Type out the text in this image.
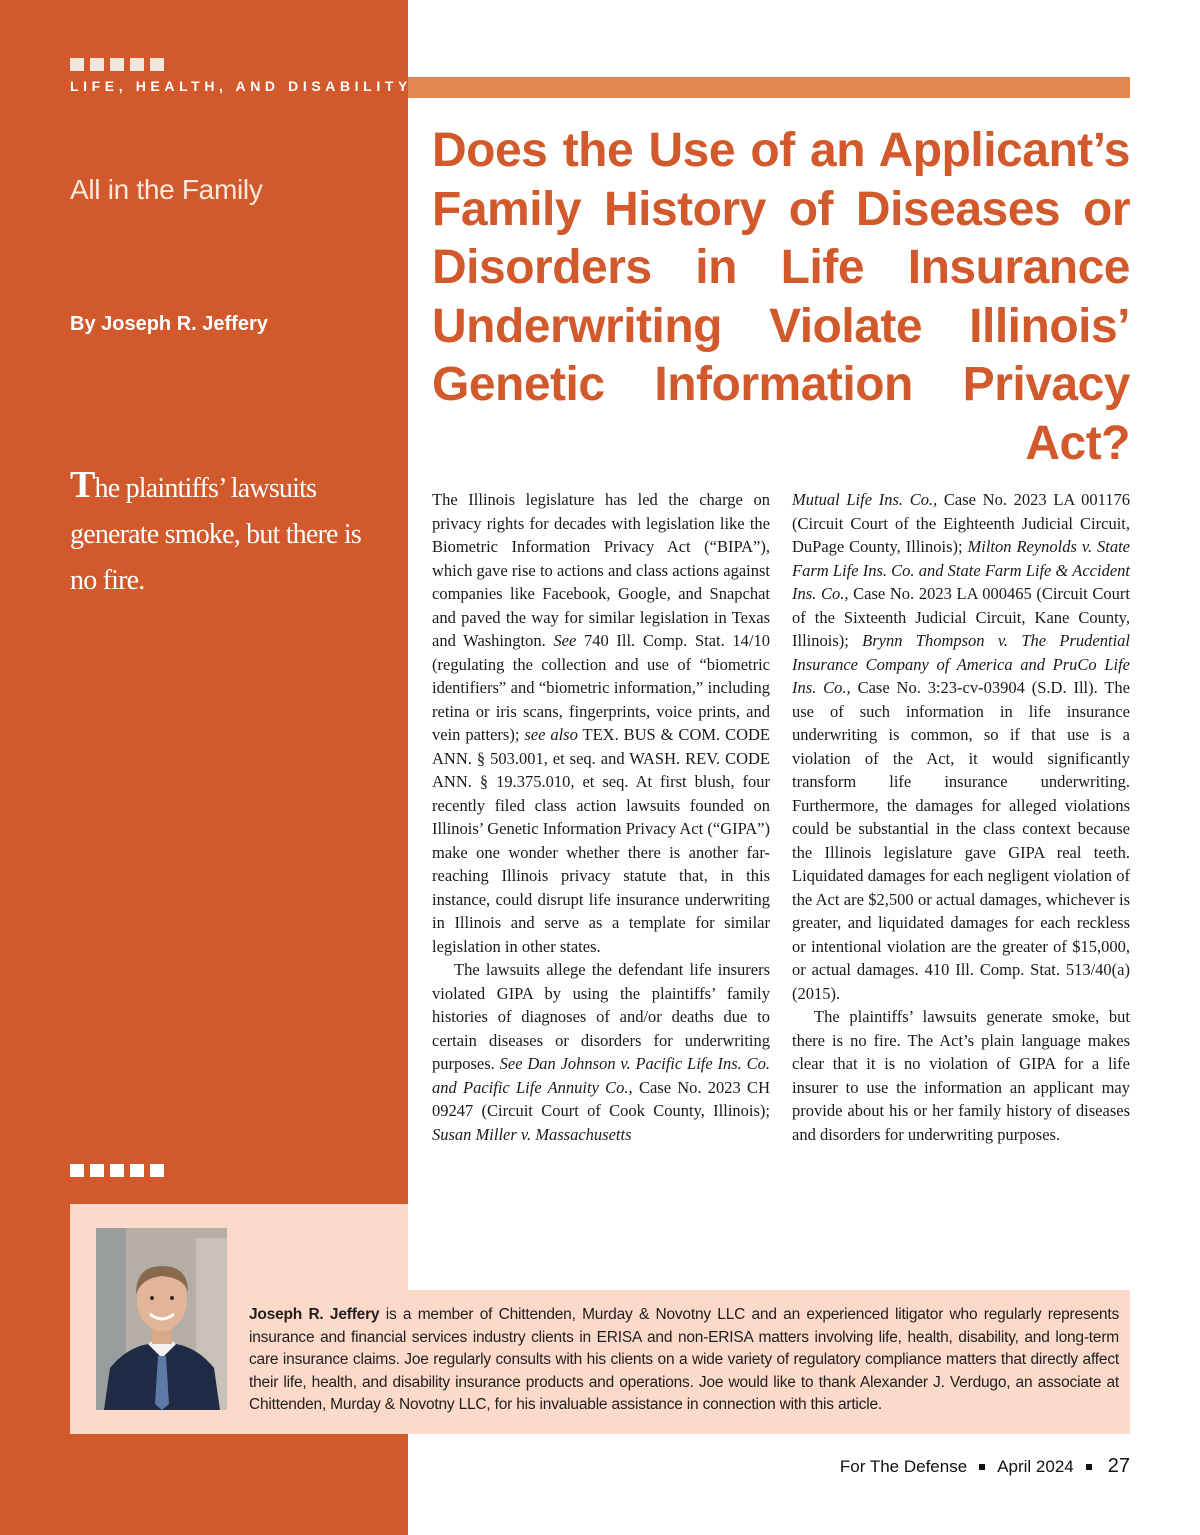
LIFE, HEALTH, AND DISABILITY
All in the Family

By Joseph R. Jeffery

The plaintiffs’ lawsuits generate smoke, but there is no fire.

Does the Use of an Applicant’s Family History of Diseases or Disorders in Life Insurance Underwriting Violate Illinois’ Genetic Information Privacy Act?

The Illinois legislature has led the charge on privacy rights for decades with legislation like the Biometric Information Privacy Act (“BIPA”), which gave rise to actions and class actions against companies like Facebook, Google, and Snapchat and paved the way for similar legislation in Texas and Washington. See 740 Ill. Comp. Stat. 14/10 (regulating the collection and use of “biometric identifiers” and “biometric information,” including retina or iris scans, fingerprints, voice prints, and vein patters); see also TEX. BUS & COM. CODE ANN. § 503.001, et seq. and WASH. REV. CODE ANN. § 19.375.010, et seq. At first blush, four recently filed class action lawsuits founded on Illinois’ Genetic Information Privacy Act (“GIPA”) make one wonder whether there is another far-reaching Illinois privacy statute that, in this instance, could disrupt life insurance underwriting in Illinois and serve as a template for similar legislation in other states.

The lawsuits allege the defendant life insurers violated GIPA by using the plaintiffs’ family histories of diagnoses of and/or deaths due to certain diseases or disorders for underwriting purposes. See Dan Johnson v. Pacific Life Ins. Co. and Pacific Life Annuity Co., Case No. 2023 CH 09247 (Circuit Court of Cook County, Illinois); Susan Miller v. Massachusetts

Mutual Life Ins. Co., Case No. 2023 LA 001176 (Circuit Court of the Eighteenth Judicial Circuit, DuPage County, Illinois); Milton Reynolds v. State Farm Life Ins. Co. and State Farm Life & Accident Ins. Co., Case No. 2023 LA 000465 (Circuit Court of the Sixteenth Judicial Circuit, Kane County, Illinois); Brynn Thompson v. The Prudential Insurance Company of America and PruCo Life Ins. Co., Case No. 3:23-cv-03904 (S.D. Ill). The use of such information in life insurance underwriting is common, so if that use is a violation of the Act, it would significantly transform life insurance underwriting. Furthermore, the damages for alleged violations could be substantial in the class context because the Illinois legislature gave GIPA real teeth. Liquidated damages for each negligent violation of the Act are $2,500 or actual damages, whichever is greater, and liquidated damages for each reckless or intentional violation are the greater of $15,000, or actual damages. 410 Ill. Comp. Stat. 513/40(a) (2015).

The plaintiffs’ lawsuits generate smoke, but there is no fire. The Act’s plain language makes clear that it is no violation of GIPA for a life insurer to use the information an applicant may provide about his or her family history of diseases and disorders for underwriting purposes.

Joseph R. Jeffery is a member of Chittenden, Murday & Novotny LLC and an experienced litigator who regularly represents insurance and financial services industry clients in ERISA and non-ERISA matters involving life, health, disability, and long-term care insurance claims. Joe regularly consults with his clients on a wide variety of regulatory compliance matters that directly affect their life, health, and disability insurance products and operations. Joe would like to thank Alexander J. Verdugo, an associate at Chittenden, Murday & Novotny LLC, for his invaluable assistance in connection with this article.

For The Defense April 2024 27
